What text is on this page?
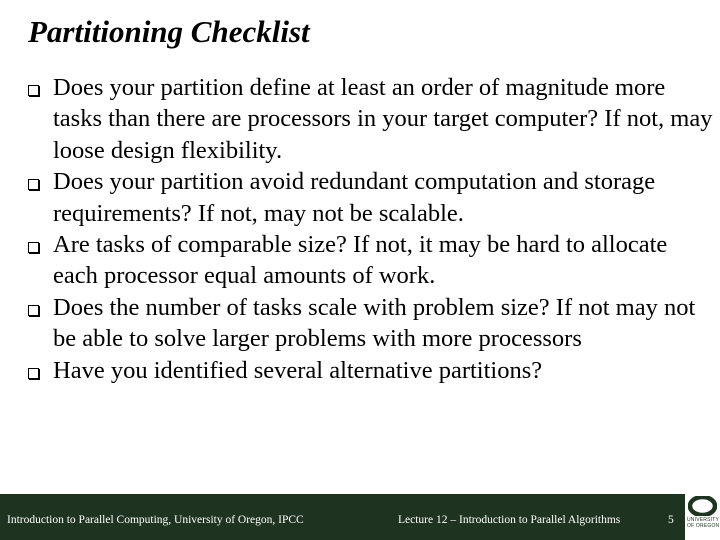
Partitioning Checklist
Does your partition define at least an order of magnitude more tasks than there are processors in your target computer? If not, may loose design flexibility.
Does your partition avoid redundant computation and storage requirements? If not, may not be scalable.
Are tasks of comparable size? If not, it may be hard to allocate each processor equal amounts of work.
Does the number of tasks scale with problem size? If not may not be able to solve larger problems with more processors
Have you identified several alternative partitions?
Introduction to Parallel Computing, University of Oregon, IPCC	Lecture 12 – Introduction to Parallel Algorithms	5	UNIVERSITY OF OREGON
